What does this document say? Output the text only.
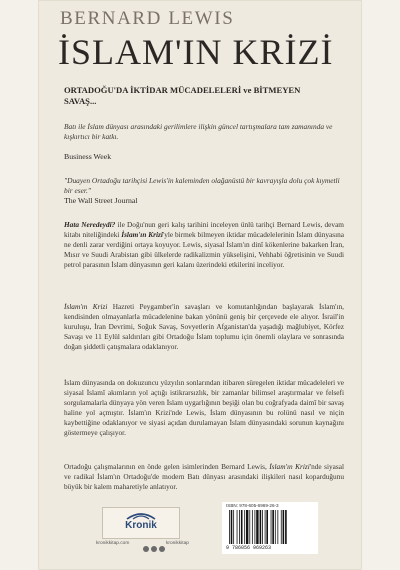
BERNARD LEWIS
İSLAM'IN KRİZİ
ORTADOĞU'DA İKTİDAR MÜCADELELERİ ve BİTMEYEN SAVAŞ...
Batı ile İslam dünyası arasındaki gerilimlere ilişkin güncel tartışmalara tam zamanında ve kışkırtıcı bir katkı.
Business Week
"Duayen Ortadoğu tarihçisi Lewis'in kaleminden olağanüstü bir kavrayışla dolu çok kıymetli bir eser."
The Wall Street Journal
Hata Neredeydi? ile Doğu'nun geri kalış tarihini inceleyen ünlü tarihçi Bernard Lewis, devam kitabı niteliğindeki İslam'ın Krizi'yle birmek bilmeyen iktidar mücadelelerinin İslam dünyasına ne denli zarar verdiğini ortaya koyuyor. Lewis, siyasal İslam'ın dinî kökenlerine bakarken İran, Mısır ve Suudi Arabistan gibi ülkelerde radikalizmin yükselişini, Vehhabi öğretisinin ve Suudi petrol parasının İslam dünyasının geri kalanı üzerindeki etkilerini inceliyor.
İslam'ın Krizi Hazreti Peygamber'in savaşları ve komutanlığından başlayarak İslam'ın, kendisinden olmayanlarla mücadelenine bakan yönünü geniş bir çerçevede ele alıyor. İsrail'in kuruluşu, İran Devrimi, Soğuk Savaş, Sovyetlerin Afganistan'da yaşadığı mağlubiyet, Körfez Savaşı ve 11 Eylül saldırıları gibi Ortadoğu İslam toplumu için önemli olaylara ve sonrasında doğan şiddetli çatışmalara odaklanıyor.
İslam dünyasında on dokuzuncu yüzyılın sonlarından itibaren süregelen iktidar mücadeleleri ve siyasal İslamî akımların yol açtığı istikrarsızlık, bir zamanlar bilimsel araştırmalar ve felsefi sorgulamalarla dünyaya yön veren İslam uygarlığının beşiği olan bu coğrafyada daimî bir savaş haline yol açmıştır. İslam'ın Krizi'nde Lewis, İslam dünyasının bu rolünü nasıl ve niçin kaybettiğine odaklanıyor ve siyasi açıdan durulamayan İslam dünyasındaki sorunun kaynağını göstermeye çalışıyor.
Ortadoğu çalışmalarının en önde gelen isimlerinden Bernard Lewis, İslam'ın Krizi'nde siyasal ve radikal İslam'ın Ortadoğu'de modern Batı dünyası arasındaki ilişkileri nasıl koparduğunu büyük bir kalem maharetiyle anlatıyor.
Kronik
kronikkitap.com	kronikkitap
ISBN: 978-605-6969-26-3
9 786056 969263
